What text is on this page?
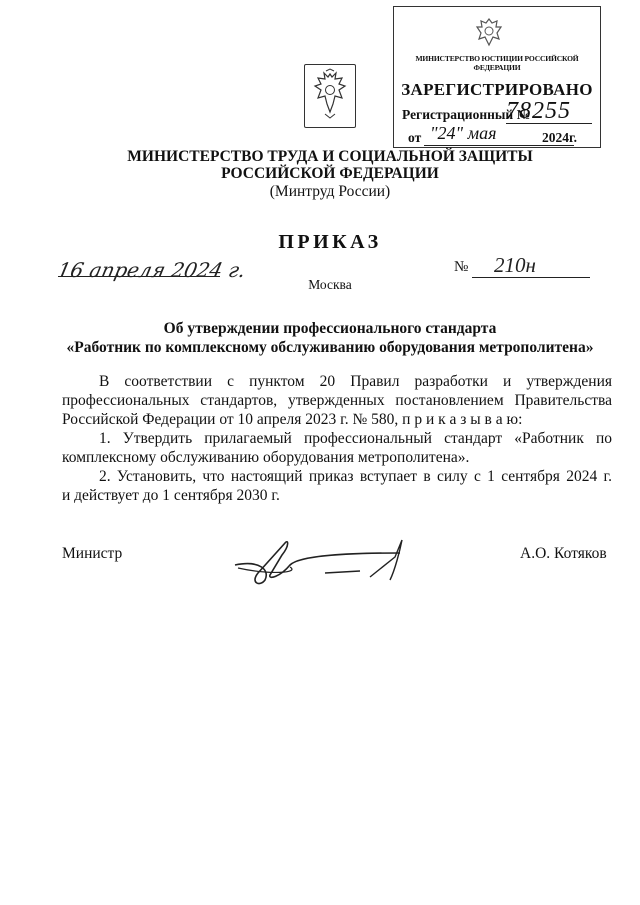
МИНИСТЕРСТВО ЮСТИЦИИ РОССИЙСКОЙ ФЕДЕРАЦИИ
ЗАРЕГИСТРИРОВАНО
Регистрационный №
78255
от "24" мая	2024г.
МИНИСТЕРСТВО ТРУДА И СОЦИАЛЬНОЙ ЗАЩИТЫ
РОССИЙСКОЙ ФЕДЕРАЦИИ
(Минтруд России)
ПРИКАЗ
16 апреля 2024 г.	№ 210н
Москва
Об утверждении профессионального стандарта
«Работник по комплексному обслуживанию оборудования метрополитена»
В соответствии с пунктом 20 Правил разработки и утверждения
профессиональных стандартов, утвержденных постановлением Правительства
Российской Федерации от 10 апреля 2023 г. № 580, п р и к а з ы в а ю:
1. Утвердить прилагаемый профессиональный стандарт «Работник по
комплексному обслуживанию оборудования метрополитена».
2. Установить, что настоящий приказ вступает в силу с 1 сентября 2024 г.
и действует до 1 сентября 2030 г.
Министр	А.О. Котяков
